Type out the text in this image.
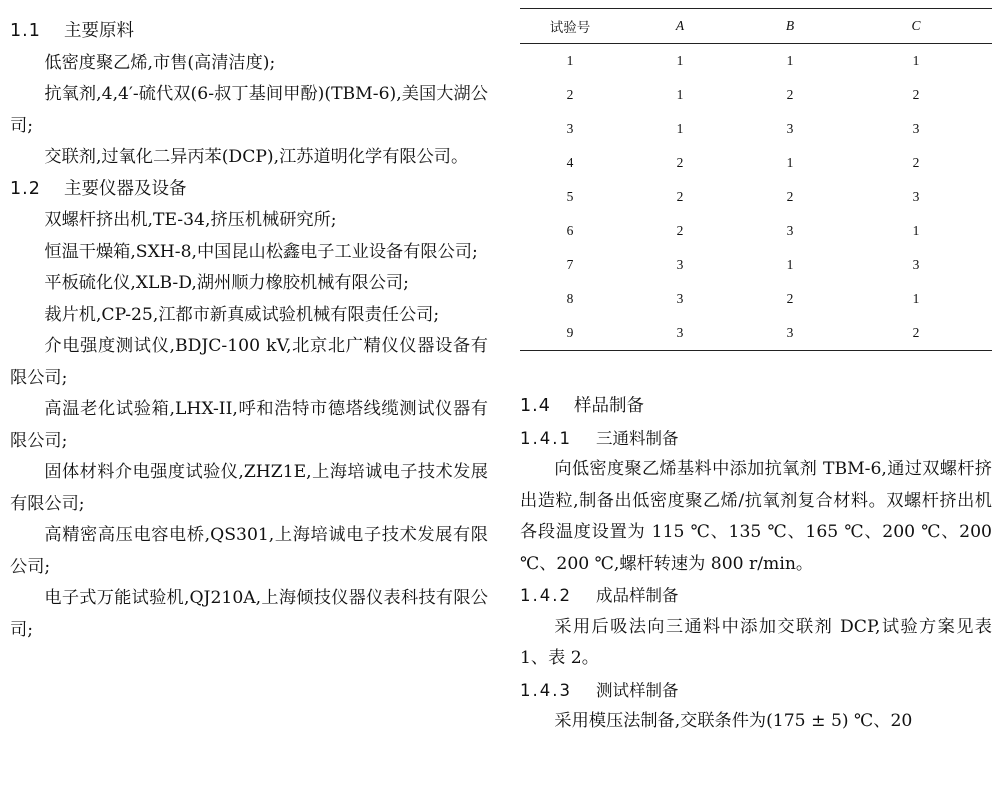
1.1 主要原料

低密度聚乙烯,市售(高清洁度);

抗氧剂,4,4′-硫代双(6-叔丁基间甲酚)(TBM-6),美国大湖公司;

交联剂,过氧化二异丙苯(DCP),江苏道明化学有限公司。

1.2 主要仪器及设备

双螺杆挤出机,TE-34,挤压机械研究所;

恒温干燥箱,SXH-8,中国昆山松鑫电子工业设备有限公司;

平板硫化仪,XLB-D,湖州顺力橡胶机械有限公司;

裁片机,CP-25,江都市新真威试验机械有限责任公司;

介电强度测试仪,BDJC-100 kV,北京北广精仪仪器设备有限公司;

高温老化试验箱,LHX-II,呼和浩特市德塔线缆测试仪器有限公司;

固体材料介电强度试验仪,ZHZ1E,上海培诚电子技术发展有限公司;

高精密高压电容电桥,QS301,上海培诚电子技术发展有限公司;

电子式万能试验机,QJ210A,上海倾技仪器仪表科技有限公司;

试验号	A	B	C
1	1	1	1
2	1	2	2
3	1	3	3
4	2	1	2
5	2	2	3
6	2	3	1
7	3	1	3
8	3	2	1
9	3	3	2
1.4 样品制备
1.4.1 三通料制备

向低密度聚乙烯基料中添加抗氧剂 TBM-6,通过双螺杆挤出造粒,制备出低密度聚乙烯/抗氧剂复合材料。双螺杆挤出机各段温度设置为 115 ℃、135 ℃、165 ℃、200 ℃、200 ℃、200 ℃,螺杆转速为 800 r/min。

1.4.2 成品样制备

采用后吸法向三通料中添加交联剂 DCP,试验方案见表 1、表 2。

1.4.3 测试样制备

采用模压法制备,交联条件为(175 ± 5) ℃、20
